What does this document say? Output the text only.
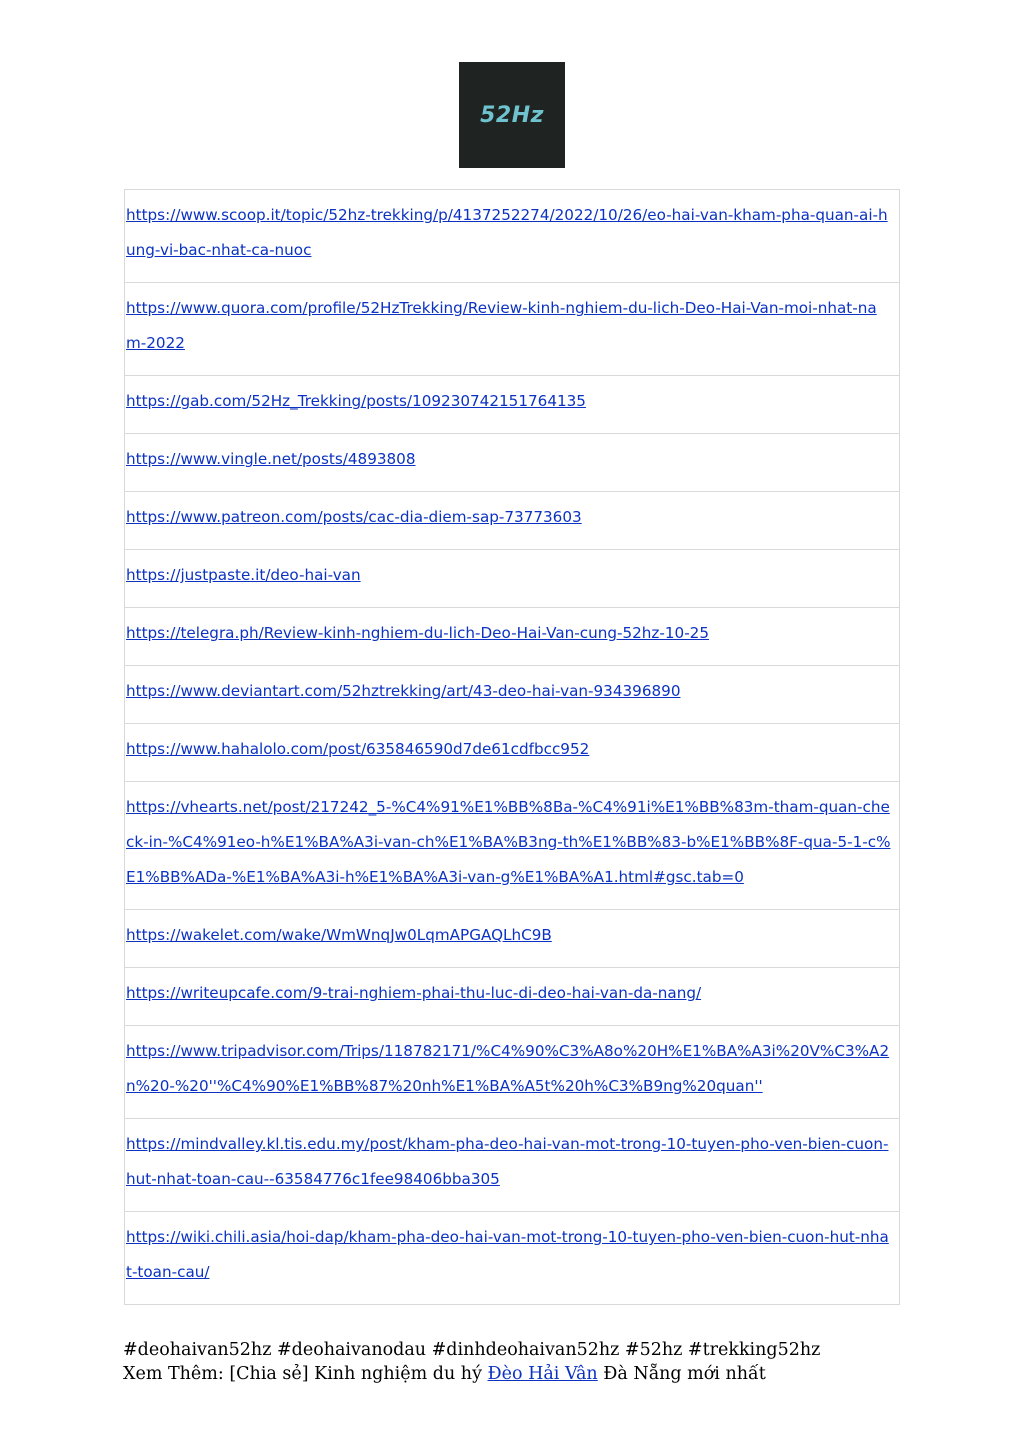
52Hz
https://www.scoop.it/topic/52hz-trekking/p/4137252274/2022/10/26/eo-hai-van-kham-pha-quan-ai-hung-vi-bac-nhat-ca-nuoc
https://www.quora.com/profile/52HzTrekking/Review-kinh-nghiem-du-lich-Deo-Hai-Van-moi-nhat-nam-2022
https://gab.com/52Hz_Trekking/posts/109230742151764135
https://www.vingle.net/posts/4893808
https://www.patreon.com/posts/cac-dia-diem-sap-73773603
https://justpaste.it/deo-hai-van
https://telegra.ph/Review-kinh-nghiem-du-lich-Deo-Hai-Van-cung-52hz-10-25
https://www.deviantart.com/52hztrekking/art/43-deo-hai-van-934396890
https://www.hahalolo.com/post/635846590d7de61cdfbcc952
https://vhearts.net/post/217242_5-%C4%91%E1%BB%8Ba-%C4%91i%E1%BB%83m-tham-quan-check-in-%C4%91eo-h%E1%BA%A3i-van-ch%E1%BA%B3ng-th%E1%BB%83-b%E1%BB%8F-qua-5-1-c%E1%BB%ADa-%E1%BA%A3i-h%E1%BA%A3i-van-g%E1%BA%A1.html#gsc.tab=0
https://wakelet.com/wake/WmWnqJw0LqmAPGAQLhC9B
https://writeupcafe.com/9-trai-nghiem-phai-thu-luc-di-deo-hai-van-da-nang/
https://www.tripadvisor.com/Trips/118782171/%C4%90%C3%A8o%20H%E1%BA%A3i%20V%C3%A2n%20-%20''%C4%90%E1%BB%87%20nh%E1%BA%A5t%20h%C3%B9ng%20quan''
https://mindvalley.kl.tis.edu.my/post/kham-pha-deo-hai-van-mot-trong-10-tuyen-pho-ven-bien-cuon-hut-nhat-toan-cau--63584776c1fee98406bba305
https://wiki.chili.asia/hoi-dap/kham-pha-deo-hai-van-mot-trong-10-tuyen-pho-ven-bien-cuon-hut-nhat-toan-cau/
#deohaivan52hz #deohaivanodau #dinhdeohaivan52hz #52hz #trekking52hz
Xem Thêm: [Chia sẻ] Kinh nghiệm du hý Đèo Hải Vân Đà Nẵng mới nhất
